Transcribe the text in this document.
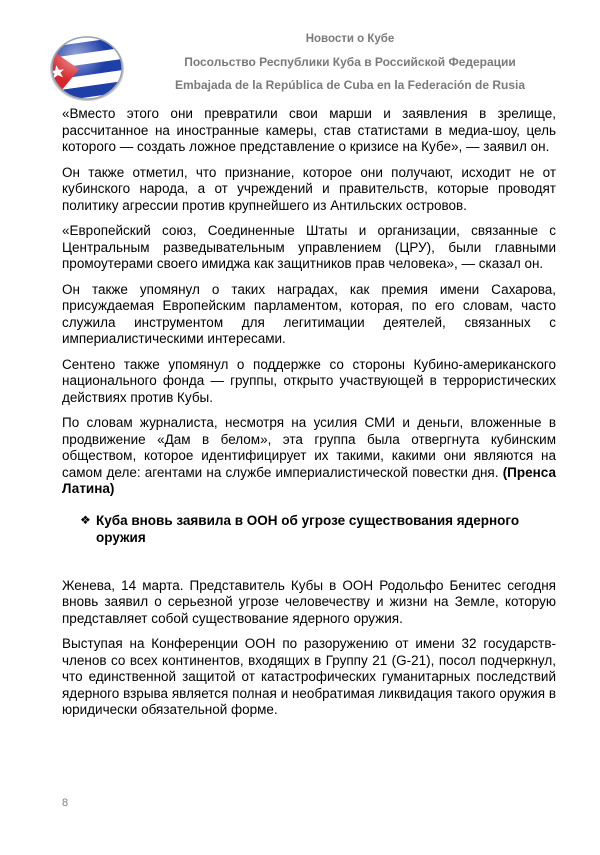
Новости о Кубе
Посольство Республики Куба в Российской Федерации
Embajada de la República de Cuba en la Federación de Rusia

«Вместо этого они превратили свои марши и заявления в зрелище, рассчитанное на иностранные камеры, став статистами в медиа-шоу, цель которого — создать ложное представление о кризисе на Кубе», — заявил он.

Он также отметил, что признание, которое они получают, исходит не от кубинского народа, а от учреждений и правительств, которые проводят политику агрессии против крупнейшего из Антильских островов.

«Европейский союз, Соединенные Штаты и организации, связанные с Центральным разведывательным управлением (ЦРУ), были главными промоутерами своего имиджа как защитников прав человека», — сказал он.

Он также упомянул о таких наградах, как премия имени Сахарова, присуждаемая Европейским парламентом, которая, по его словам, часто служила инструментом для легитимации деятелей, связанных с империалистическими интересами.

Сентено также упомянул о поддержке со стороны Кубино-американского национального фонда — группы, открыто участвующей в террористических действиях против Кубы.

По словам журналиста, несмотря на усилия СМИ и деньги, вложенные в продвижение «Дам в белом», эта группа была отвергнута кубинским обществом, которое идентифицирует их такими, какими они являются на самом деле: агентами на службе империалистической повестки дня. (Пренса Латина)

❖ Куба вновь заявила в ООН об угрозе существования ядерного оружия

Женева, 14 марта. Представитель Кубы в ООН Родольфо Бенитес сегодня вновь заявил о серьезной угрозе человечеству и жизни на Земле, которую представляет собой существование ядерного оружия.

Выступая на Конференции ООН по разоружению от имени 32 государств-членов со всех континентов, входящих в Группу 21 (G-21), посол подчеркнул, что единственной защитой от катастрофических гуманитарных последствий ядерного взрыва является полная и необратимая ликвидация такого оружия в юридически обязательной форме.

8
